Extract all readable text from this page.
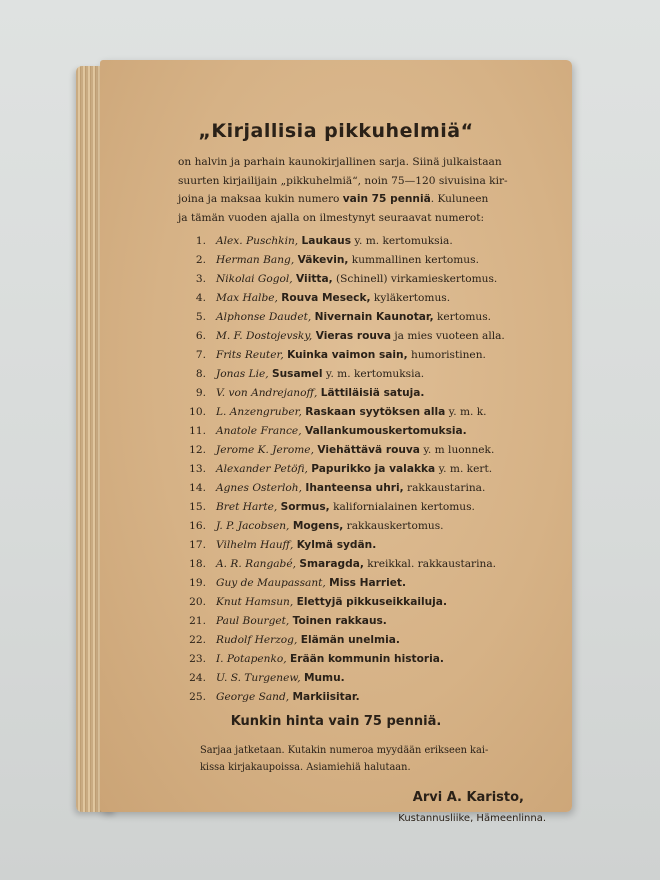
„Kirjallisia pikkuhelmiä“
on halvin ja parhain kaunokirjallinen sarja. Siinä julkaistaan
suurten kirjailijain „pikkuhelmiä“, noin 75—120 sivuisina kir-
joina ja maksaa kukin numero vain 75 penniä. Kuluneen
ja tämän vuoden ajalla on ilmestynyt seuraavat numerot:
1. Alex. Puschkin, Laukaus y. m. kertomuksia.
2. Herman Bang, Väkevin, kummallinen kertomus.
3. Nikolai Gogol, Viitta, (Schinell) virkamieskertomus.
4. Max Halbe, Rouva Meseck, kyläkertomus.
5. Alphonse Daudet, Nivernain Kaunotar, kertomus.
6. M. F. Dostojevsky, Vieras rouva ja mies vuoteen alla.
7. Frits Reuter, Kuinka vaimon sain, humoristinen.
8. Jonas Lie, Susamel y. m. kertomuksia.
9. V. von Andrejanoff, Lättiläisiä satuja.
10. L. Anzengruber, Raskaan syytöksen alla y. m. k.
11. Anatole France, Vallankumouskertomuksia.
12. Jerome K. Jerome, Viehättävä rouva y. m luonnek.
13. Alexander Petöfi, Papurikko ja valakka y. m. kert.
14. Agnes Osterloh, Ihanteensa uhri, rakkaustarina.
15. Bret Harte, Sormus, kalifornialainen kertomus.
16. J. P. Jacobsen, Mogens, rakkauskertomus.
17. Vilhelm Hauff, Kylmä sydän.
18. A. R. Rangabé, Smaragda, kreikkal. rakkaustarina.
19. Guy de Maupassant, Miss Harriet.
20. Knut Hamsun, Elettyjä pikkuseikkailuja.
21. Paul Bourget, Toinen rakkaus.
22. Rudolf Herzog, Elämän unelmia.
23. I. Potapenko, Erään kommunin historia.
24. U. S. Turgenew, Mumu.
25. George Sand, Markiisitar.
Kunkin hinta vain 75 penniä.
Sarjaa jatketaan. Kutakin numeroa myydään erikseen kai-
kissa kirjakaupoissa. Asiamiehiä halutaan.
Arvi A. Karisto,
Kustannusliike, Hämeenlinna.
